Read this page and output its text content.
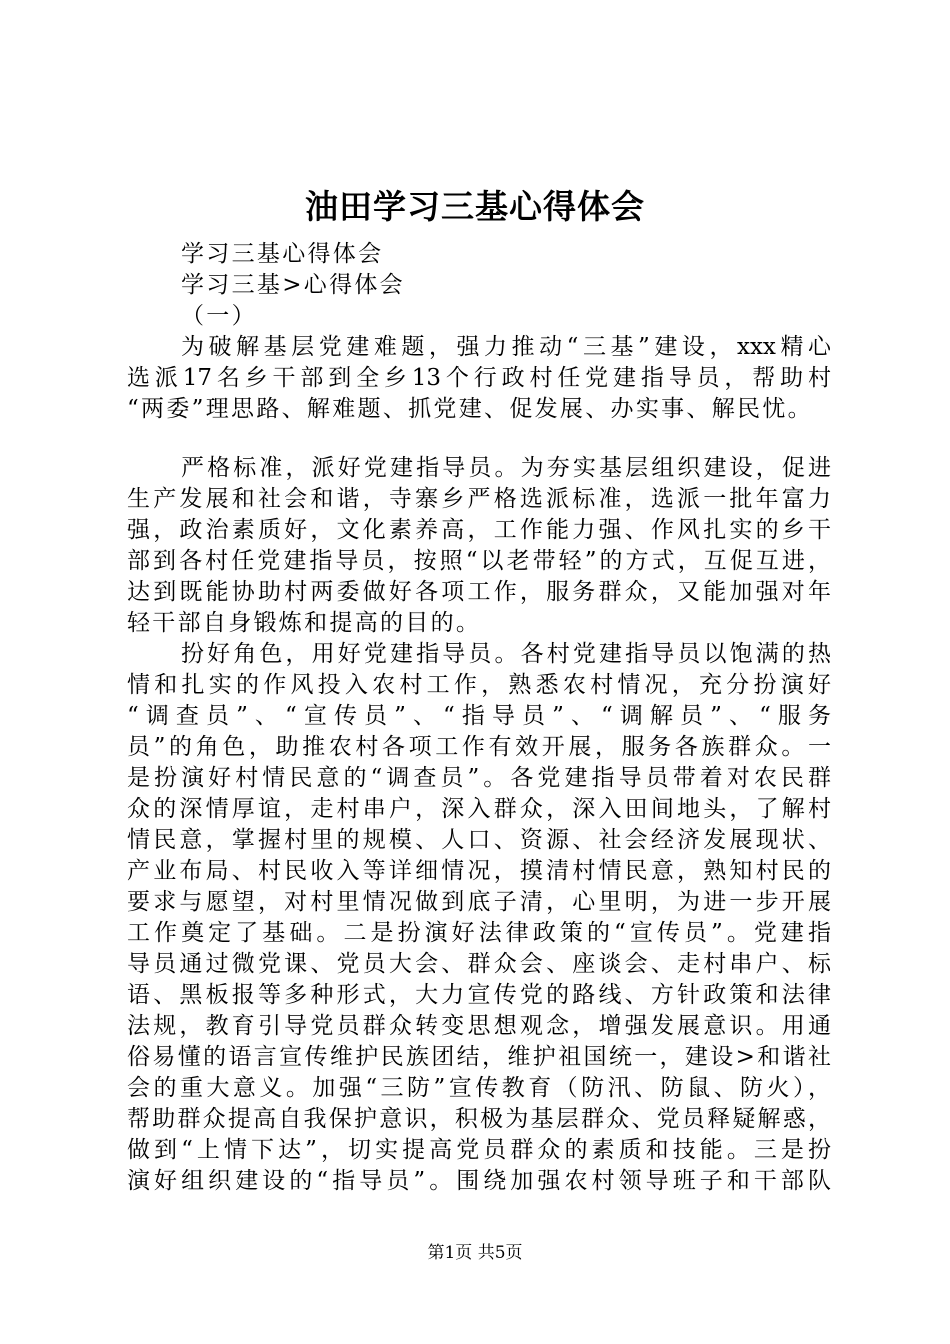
油田学习三基心得体会
学习三基心得体会
学习三基>心得体会
（一）
为破解基层党建难题，强力推动“三基”建设，xxx精心
选派17名乡干部到全乡13个行政村任党建指导员，帮助村
“两委”理思路、解难题、抓党建、促发展、办实事、解民忧。
严格标准，派好党建指导员。为夯实基层组织建设，促进
生产发展和社会和谐，寺寨乡严格选派标准，选派一批年富力
强，政治素质好，文化素养高，工作能力强、作风扎实的乡干
部到各村任党建指导员，按照“以老带轻”的方式，互促互进，
达到既能协助村两委做好各项工作，服务群众，又能加强对年
轻干部自身锻炼和提高的目的。
扮好角色，用好党建指导员。各村党建指导员以饱满的热
情和扎实的作风投入农村工作，熟悉农村情况，充分扮演好
“调查员”、“宣传员”、“指导员”、“调解员”、“服务
员”的角色，助推农村各项工作有效开展，服务各族群众。一
是扮演好村情民意的“调查员”。各党建指导员带着对农民群
众的深情厚谊，走村串户，深入群众，深入田间地头，了解村
情民意，掌握村里的规模、人口、资源、社会经济发展现状、
产业布局、村民收入等详细情况，摸清村情民意，熟知村民的
要求与愿望，对村里情况做到底子清，心里明，为进一步开展
工作奠定了基础。二是扮演好法律政策的“宣传员”。党建指
导员通过微党课、党员大会、群众会、座谈会、走村串户、标
语、黑板报等多种形式，大力宣传党的路线、方针政策和法律
法规，教育引导党员群众转变思想观念，增强发展意识。用通
俗易懂的语言宣传维护民族团结，维护祖国统一，建设>和谐社
会的重大意义。加强“三防”宣传教育（防汛、防鼠、防火），
帮助群众提高自我保护意识，积极为基层群众、党员释疑解惑，
做到“上情下达”，切实提高党员群众的素质和技能。三是扮
演好组织建设的“指导员”。围绕加强农村领导班子和干部队
第1页 共5页
